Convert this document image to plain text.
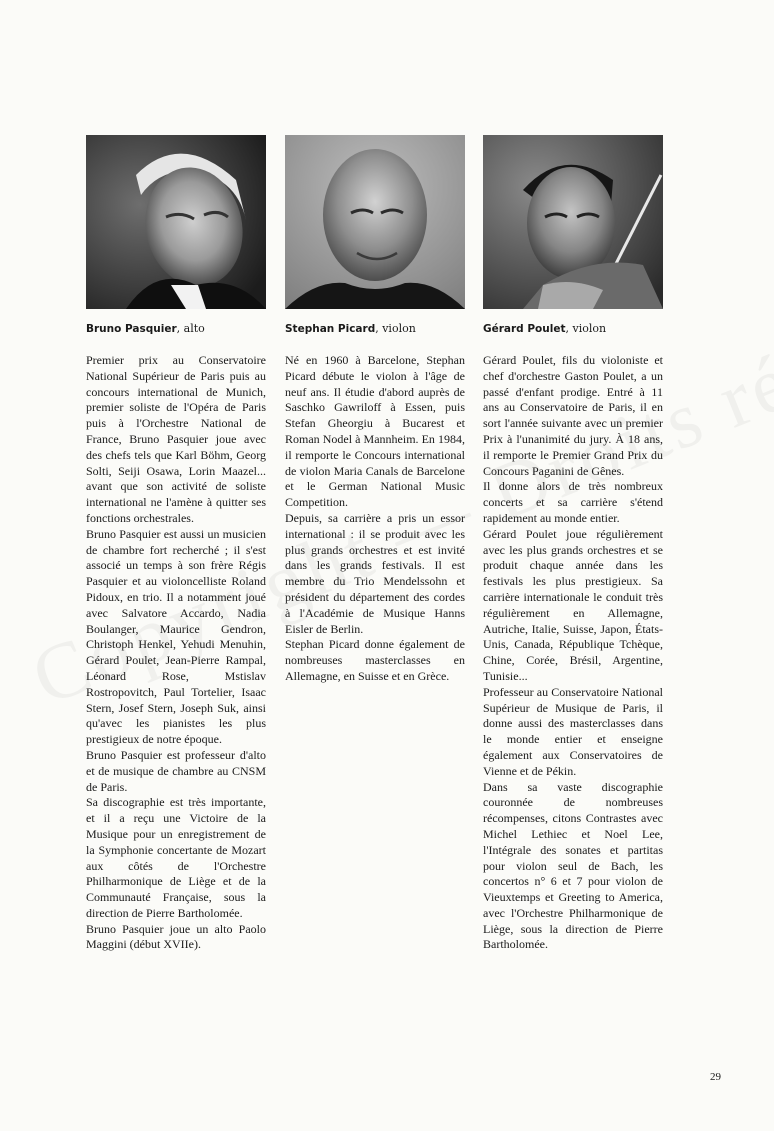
Bruno Pasquier, alto

Premier prix au Conservatoire National Supérieur de Paris puis au concours international de Munich, premier soliste de l'Opéra de Paris puis à l'Orchestre National de France, Bruno Pasquier joue avec des chefs tels que Karl Böhm, Georg Solti, Seiji Osawa, Lorin Maazel... avant que son activité de soliste international ne l'amène à quitter ses fonctions orchestrales.

Bruno Pasquier est aussi un musicien de chambre fort recherché ; il s'est associé un temps à son frère Régis Pasquier et au violoncelliste Roland Pidoux, en trio. Il a notamment joué avec Salvatore Accardo, Nadia Boulanger, Maurice Gendron, Christoph Henkel, Yehudi Menuhin, Gérard Poulet, Jean-Pierre Rampal, Léonard Rose, Mstislav Rostropovitch, Paul Tortelier, Isaac Stern, Josef Stern, Joseph Suk, ainsi qu'avec les pianistes les plus prestigieux de notre époque.

Bruno Pasquier est professeur d'alto et de musique de chambre au CNSM de Paris.

Sa discographie est très importante, et il a reçu une Victoire de la Musique pour un enregistrement de la Symphonie concertante de Mozart aux côtés de l'Orchestre Philharmonique de Liège et de la Communauté Française, sous la direction de Pierre Bartholomée.

Bruno Pasquier joue un alto Paolo Maggini (début XVIIe).

Stephan Picard, violon

Né en 1960 à Barcelone, Stephan Picard débute le violon à l'âge de neuf ans. Il étudie d'abord auprès de Saschko Gawriloff à Essen, puis Stefan Gheorgiu à Bucarest et Roman Nodel à Mannheim. En 1984, il remporte le Concours international de violon Maria Canals de Barcelone et le German National Music Competition.

Depuis, sa carrière a pris un essor international : il se produit avec les plus grands orchestres et est invité dans les grands festivals. Il est membre du Trio Mendelssohn et président du département des cordes à l'Académie de Musique Hanns Eisler de Berlin.

Stephan Picard donne également de nombreuses masterclasses en Allemagne, en Suisse et en Grèce.

Gérard Poulet, violon

Gérard Poulet, fils du violoniste et chef d'orchestre Gaston Poulet, a un passé d'enfant prodige. Entré à 11 ans au Conservatoire de Paris, il en sort l'année suivante avec un premier Prix à l'unanimité du jury. À 18 ans, il remporte le Premier Grand Prix du Concours Paganini de Gênes.

Il donne alors de très nombreux concerts et sa carrière s'étend rapidement au monde entier.

Gérard Poulet joue régulièrement avec les plus grands orchestres et se produit chaque année dans les festivals les plus prestigieux. Sa carrière internationale le conduit très régulièrement en Allemagne, Autriche, Italie, Suisse, Japon, États-Unis, Canada, République Tchèque, Chine, Corée, Brésil, Argentine, Tunisie...

Professeur au Conservatoire National Supérieur de Musique de Paris, il donne aussi des masterclasses dans le monde entier et enseigne également aux Conservatoires de Vienne et de Pékin.

Dans sa vaste discographie couronnée de nombreuses récompenses, citons Contrastes avec Michel Lethiec et Noel Lee, l'Intégrale des sonates et partitas pour violon seul de Bach, les concertos n° 6 et 7 pour violon de Vieuxtemps et Greeting to America, avec l'Orchestre Philharmonique de Liège, sous la direction de Pierre Bartholomée.

29
